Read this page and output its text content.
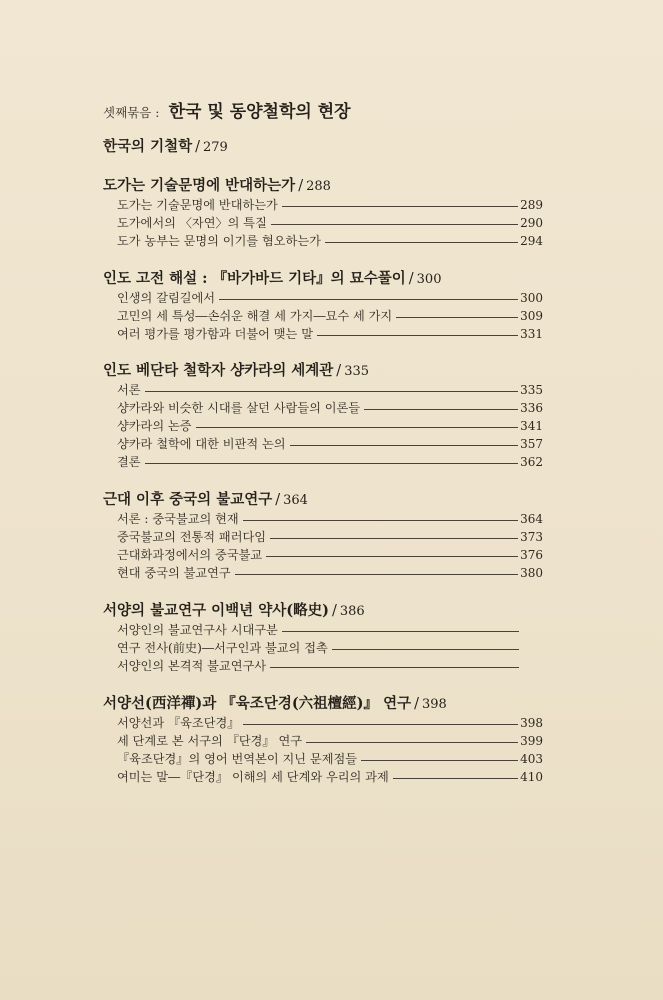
셋째묶음 : 한국 및 동양철학의 현장
한국의 기철학 / 279
도가는 기술문명에 반대하는가 / 288
도가는 기술문명에 반대하는가	289
도가에서의 〈자연〉의 특질	290
도가 농부는 문명의 이기를 혐오하는가	294
인도 고전 해설 : 『바가바드 기타』의 묘수풀이 / 300
인생의 갈림길에서	300
고민의 세 특성―손쉬운 해결 세 가지―묘수 세 가지	309
여러 평가를 평가함과 더불어 맺는 말	331
인도 베단타 철학자 샹카라의 세계관 / 335
서론	335
샹카라와 비슷한 시대를 살던 사람들의 이론들	336
샹카라의 논증	341
샹카라 철학에 대한 비판적 논의	357
결론	362
근대 이후 중국의 불교연구 / 364
서론 : 중국불교의 현재	364
중국불교의 전통적 패러다임	373
근대화과정에서의 중국불교	376
현대 중국의 불교연구	380
서양의 불교연구 이백년 약사(略史) / 386
서양인의 불교연구사 시대구분
연구 전사(前史)―서구인과 불교의 접촉
서양인의 본격적 불교연구사
서양선(西洋禪)과 『육조단경(六祖檀經)』 연구 / 398
서양선과 『육조단경』	398
세 단계로 본 서구의 『단경』 연구	399
『육조단경』의 영어 번역본이 지닌 문제점들	403
여미는 말―『단경』 이해의 세 단계와 우리의 과제	410
